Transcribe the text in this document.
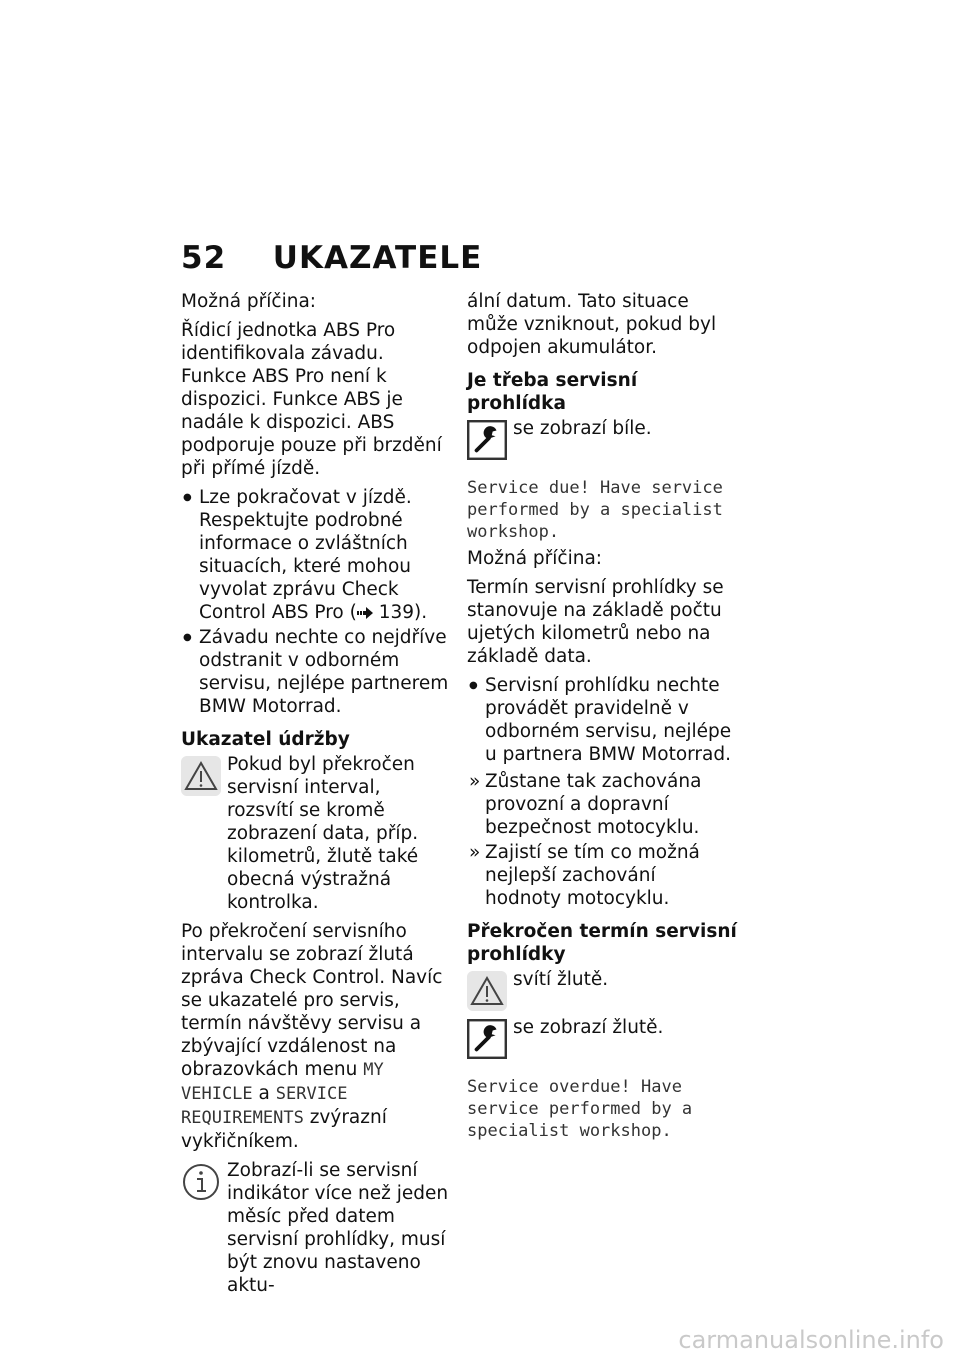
52 UKAZATELE

Možná příčina:

Řídicí jednotka ABS Pro identifikovala závadu. Funkce ABS Pro není k dispozici. Funkce ABS je nadále k dispozici. ABS podporuje pouze při brzdění při přímé jízdě.

● Lze pokračovat v jízdě. Respektujte podrobné informace o zvláštních situacích, které mohou vyvolat zprávu Check Control ABS Pro ( 139).
● Závadu nechte co nejdříve odstranit v odborném servisu, nejlépe partnerem BMW Motorrad.
Ukazatel údržby
Pokud byl překročen servisní interval, rozsvítí se kromě zobrazení data, příp. kilometrů, žlutě také obecná výstražná kontrolka.

Po překročení servisního intervalu se zobrazí žlutá zpráva Check Control. Navíc se ukazatelé pro servis, termín návštěvy servisu a zbývající vzdálenost na obrazovkách menu MY VEHICLE a SERVICE REQUIREMENTS zvýrazní vykřičníkem.

Zobrazí-li se servisní indikátor více než jeden měsíc před datem servisní prohlídky, musí být znovu nastaveno aktu-

ální datum. Tato situace může vzniknout, pokud byl odpojen akumulátor.

Je třeba servisní prohlídka
se zobrazí bíle.
Service due! Have service performed by a specialist workshop.

Možná příčina:

Termín servisní prohlídky se stanovuje na základě počtu ujetých kilometrů nebo na základě data.

● Servisní prohlídku nechte provádět pravidelně v odborném servisu, nejlépe u partnera BMW Motorrad.
» Zůstane tak zachována provozní a dopravní bezpečnost motocyklu.
» Zajistí se tím co možná nejlepší zachování hodnoty motocyklu.
Překročen termín servisní prohlídky
svítí žlutě.
se zobrazí žlutě.
Service overdue! Have service performed by a specialist workshop.
carmanualsonline.info
